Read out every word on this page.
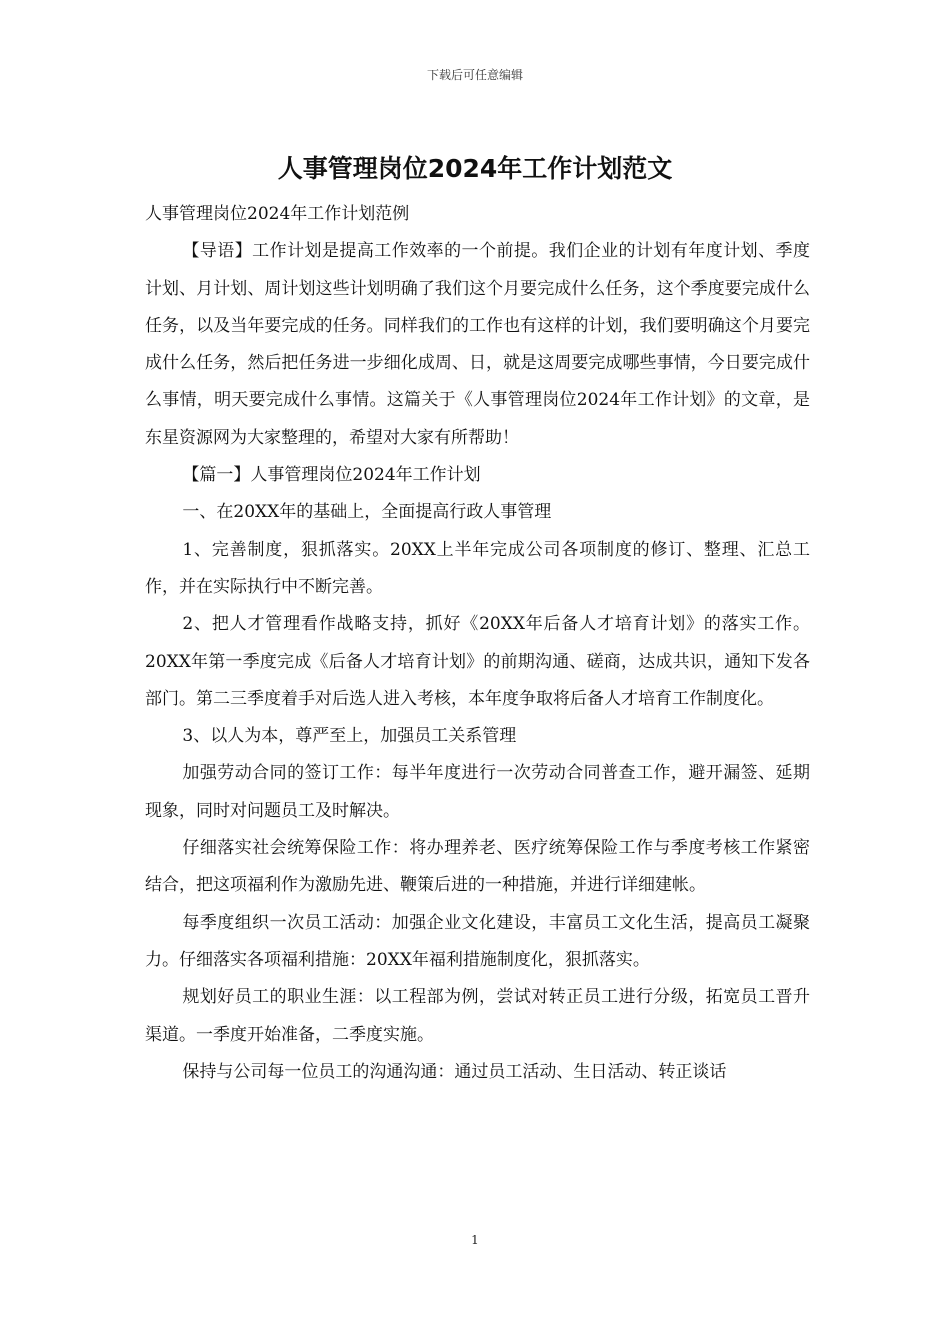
下载后可任意编辑
人事管理岗位2024年工作计划范文

人事管理岗位2024年工作计划范例

【导语】工作计划是提高工作效率的一个前提。我们企业的计划有年度计划、季度计划、月计划、周计划这些计划明确了我们这个月要完成什么任务，这个季度要完成什么任务，以及当年要完成的任务。同样我们的工作也有这样的计划，我们要明确这个月要完成什么任务，然后把任务进一步细化成周、日，就是这周要完成哪些事情，今日要完成什么事情，明天要完成什么事情。这篇关于《人事管理岗位2024年工作计划》的文章，是东星资源网为大家整理的，希望对大家有所帮助！

【篇一】人事管理岗位2024年工作计划

一、在20XX年的基础上，全面提高行政人事管理

1、完善制度，狠抓落实。20XX上半年完成公司各项制度的修订、整理、汇总工作，并在实际执行中不断完善。

2、把人才管理看作战略支持，抓好《20XX年后备人才培育计划》的落实工作。20XX年第一季度完成《后备人才培育计划》的前期沟通、磋商，达成共识，通知下发各部门。第二三季度着手对后选人进入考核，本年度争取将后备人才培育工作制度化。

3、以人为本，尊严至上，加强员工关系管理

加强劳动合同的签订工作：每半年度进行一次劳动合同普查工作，避开漏签、延期现象，同时对问题员工及时解决。

仔细落实社会统筹保险工作：将办理养老、医疗统筹保险工作与季度考核工作紧密结合，把这项福利作为激励先进、鞭策后进的一种措施，并进行详细建帐。

每季度组织一次员工活动：加强企业文化建设，丰富员工文化生活，提高员工凝聚力。仔细落实各项福利措施：20XX年福利措施制度化，狠抓落实。

规划好员工的职业生涯：以工程部为例，尝试对转正员工进行分级，拓宽员工晋升渠道。一季度开始准备，二季度实施。

保持与公司每一位员工的沟通沟通：通过员工活动、生日活动、转正谈话

1
